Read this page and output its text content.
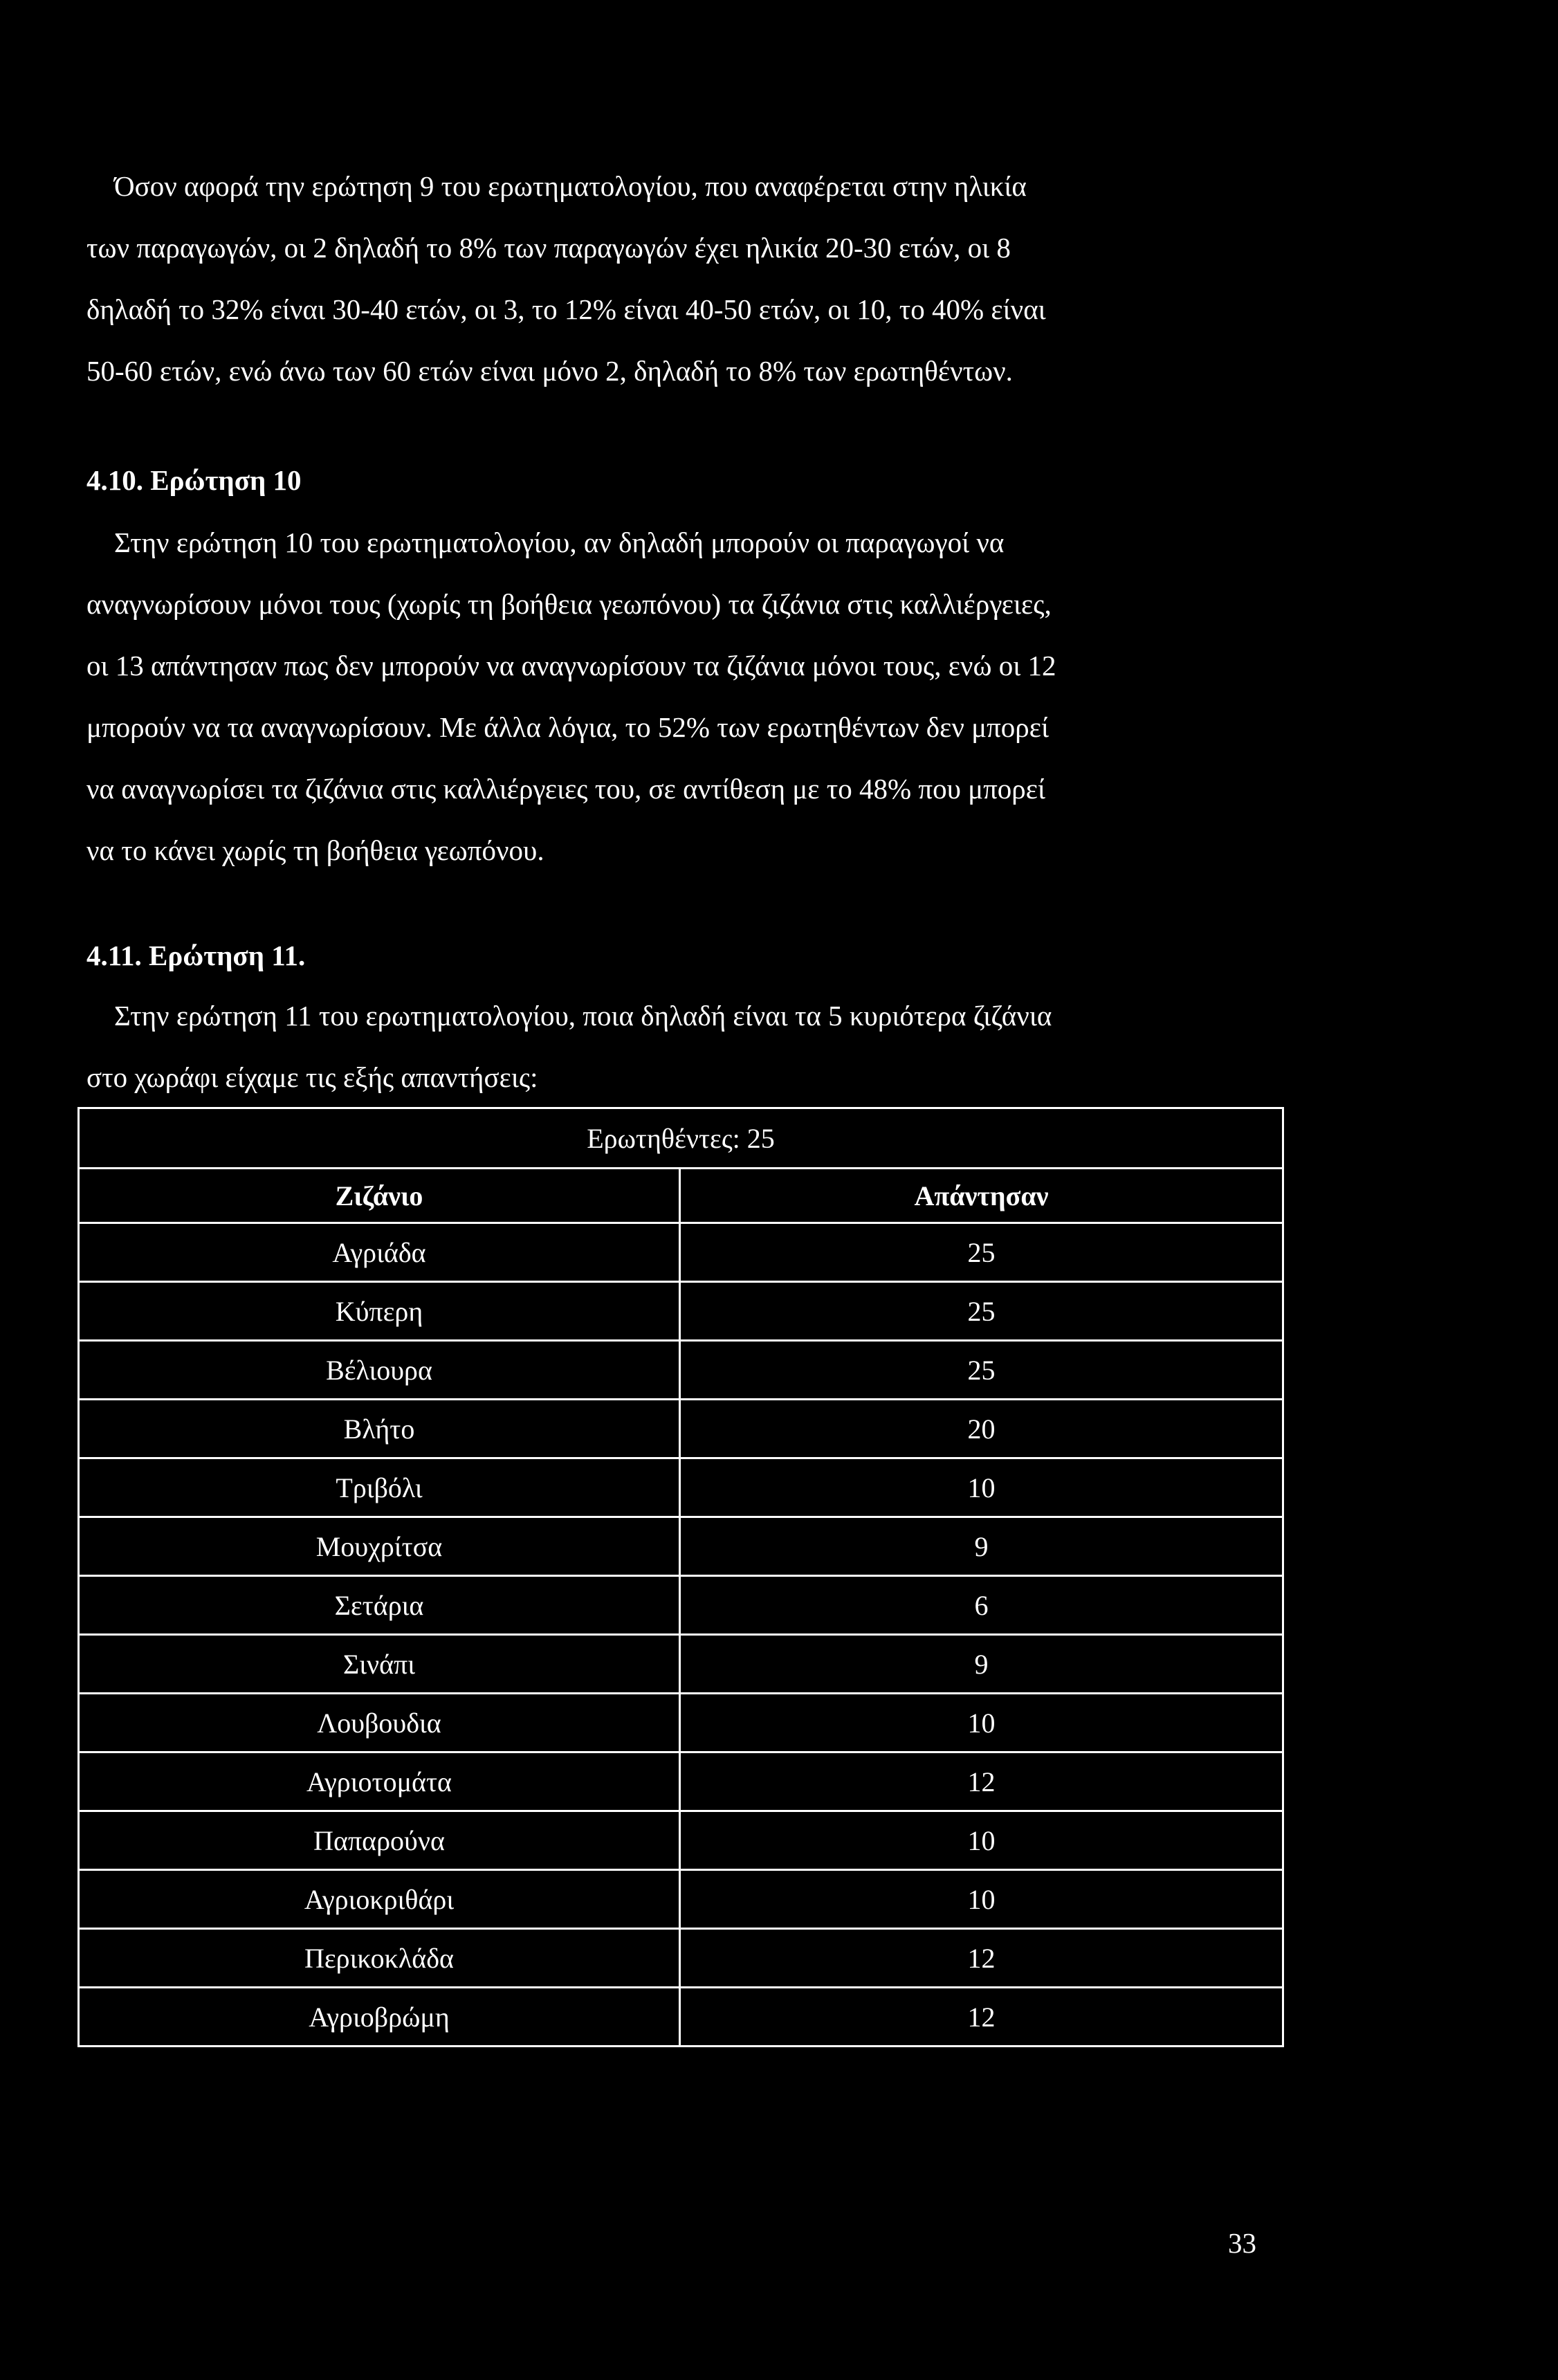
Όσον αφορά την ερώτηση 9 του ερωτηματολογίου, που αναφέρεται στην ηλικία
των παραγωγών, οι 2 δηλαδή το 8% των παραγωγών έχει ηλικία 20-30 ετών, οι 8
δηλαδή το 32% είναι 30-40 ετών, οι 3, το 12% είναι 40-50 ετών, οι 10, το 40% είναι
50-60 ετών, ενώ άνω των 60 ετών είναι μόνο 2, δηλαδή το 8% των ερωτηθέντων.
4.10. Ερώτηση 10
Στην ερώτηση 10 του ερωτηματολογίου, αν δηλαδή μπορούν οι παραγωγοί να
αναγνωρίσουν μόνοι τους (χωρίς τη βοήθεια γεωπόνου) τα ζιζάνια στις καλλιέργειες,
οι 13 απάντησαν πως δεν μπορούν να αναγνωρίσουν τα ζιζάνια μόνοι τους, ενώ οι 12
μπορούν να τα αναγνωρίσουν. Με άλλα λόγια, το 52% των ερωτηθέντων δεν μπορεί
να αναγνωρίσει τα ζιζάνια στις καλλιέργειες του, σε αντίθεση με το 48% που μπορεί
να το κάνει χωρίς τη βοήθεια γεωπόνου.
4.11. Ερώτηση 11.
Στην ερώτηση 11 του ερωτηματολογίου, ποια δηλαδή είναι τα 5 κυριότερα ζιζάνια
στο χωράφι είχαμε τις εξής απαντήσεις:
Ερωτηθέντες: 25	
Ζιζάνιο	Απάντησαν
Αγριάδα	25
Κύπερη	25
Βέλιουρα	25
Βλήτο	20
Τριβόλι	10
Μουχρίτσα	9
Σετάρια	6
Σινάπι	9
Λουβουδια	10
Αγριοτομάτα	12
Παπαρούνα	10
Αγριοκριθάρι	10
Περικοκλάδα	12
Αγριοβρώμη	12
33
